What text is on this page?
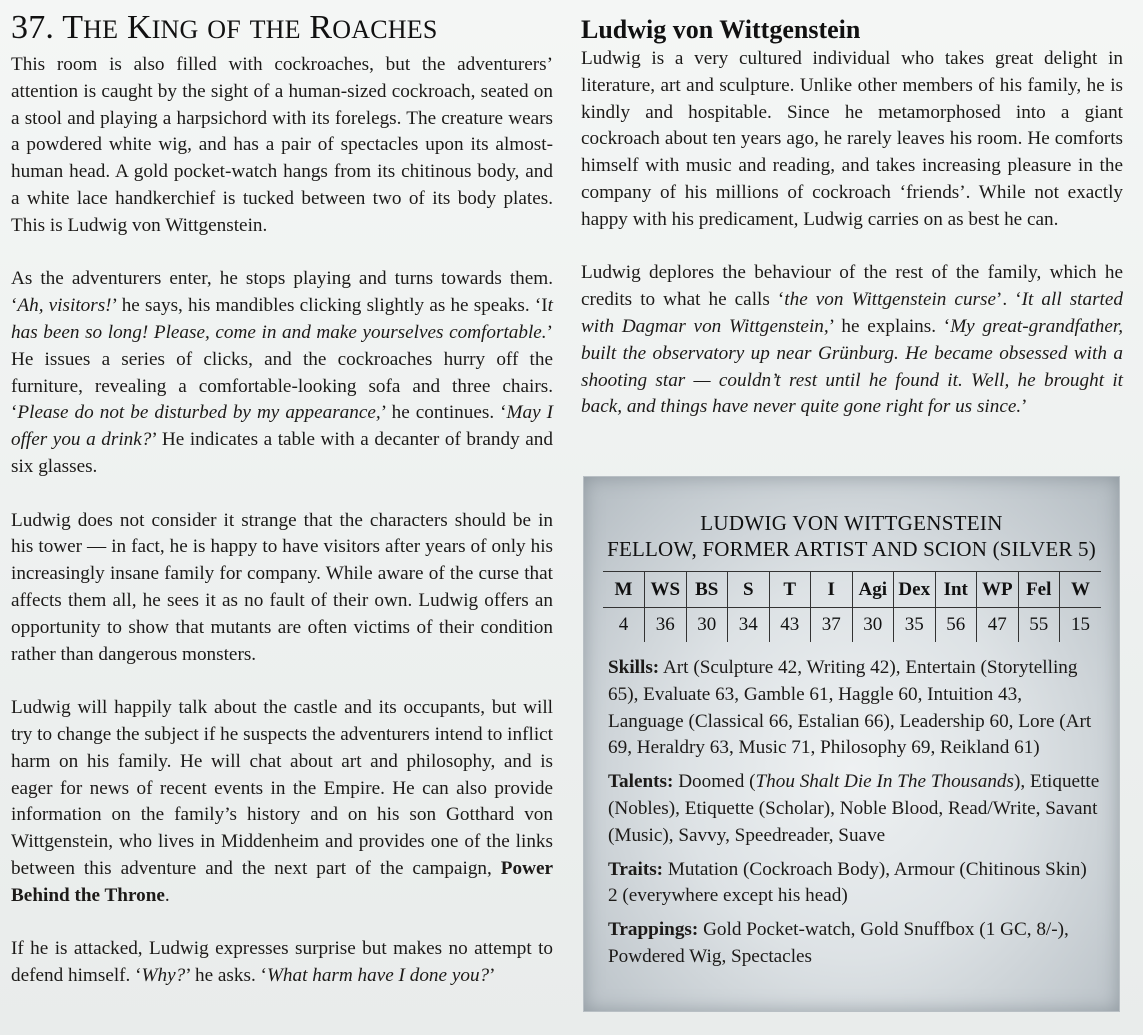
37. THE KING OF THE ROACHES

This room is also filled with cockroaches, but the adventurers’ attention is caught by the sight of a human-sized cockroach, seated on a stool and playing a harpsichord with its forelegs. The creature wears a powdered white wig, and has a pair of spectacles upon its almost-human head. A gold pocket-watch hangs from its chitinous body, and a white lace handkerchief is tucked between two of its body plates. This is Ludwig von Wittgenstein.

As the adventurers enter, he stops playing and turns towards them. ‘Ah, visitors!’ he says, his mandibles clicking slightly as he speaks. ‘It has been so long! Please, come in and make yourselves comfortable.’ He issues a series of clicks, and the cockroaches hurry off the furniture, revealing a comfortable-looking sofa and three chairs. ‘Please do not be disturbed by my appearance,’ he continues. ‘May I offer you a drink?’ He indicates a table with a decanter of brandy and six glasses.

Ludwig does not consider it strange that the characters should be in his tower — in fact, he is happy to have visitors after years of only his increasingly insane family for company. While aware of the curse that affects them all, he sees it as no fault of their own. Ludwig offers an opportunity to show that mutants are often victims of their condition rather than dangerous monsters.

Ludwig will happily talk about the castle and its occupants, but will try to change the subject if he suspects the adventurers intend to inflict harm on his family. He will chat about art and philosophy, and is eager for news of recent events in the Empire. He can also provide information on the family’s history and on his son Gotthard von Wittgenstein, who lives in Middenheim and provides one of the links between this adventure and the next part of the campaign, Power Behind the Throne.

If he is attacked, Ludwig expresses surprise but makes no attempt to defend himself. ‘Why?’ he asks. ‘What harm have I done you?’

Ludwig von Wittgenstein

Ludwig is a very cultured individual who takes great delight in literature, art and sculpture. Unlike other members of his family, he is kindly and hospitable. Since he metamorphosed into a giant cockroach about ten years ago, he rarely leaves his room. He comforts himself with music and reading, and takes increasing pleasure in the company of his millions of cockroach ‘friends’. While not exactly happy with his predicament, Ludwig carries on as best he can.

Ludwig deplores the behaviour of the rest of the family, which he credits to what he calls ‘the von Wittgenstein curse’. ‘It all started with Dagmar von Wittgenstein,’ he explains. ‘My great-grandfather, built the observatory up near Grünburg. He became obsessed with a shooting star — couldn’t rest until he found it. Well, he brought it back, and things have never quite gone right for us since.’

LUDWIG VON WITTGENSTEIN
FELLOW, FORMER ARTIST AND SCION (SILVER 5)
M	WS	BS	S	T	I	Agi	Dex	Int	WP	Fel	W
4	36	30	34	43	37	30	35	56	47	55	15

Skills: Art (Sculpture 42, Writing 42), Entertain (Storytelling 65), Evaluate 63, Gamble 61, Haggle 60, Intuition 43, Language (Classical 66, Estalian 66), Leadership 60, Lore (Art 69, Heraldry 63, Music 71, Philosophy 69, Reikland 61)

Talents: Doomed (Thou Shalt Die In The Thousands), Etiquette (Nobles), Etiquette (Scholar), Noble Blood, Read/Write, Savant (Music), Savvy, Speedreader, Suave

Traits: Mutation (Cockroach Body), Armour (Chitinous Skin) 2 (everywhere except his head)

Trappings: Gold Pocket-watch, Gold Snuffbox (1 GC, 8/-), Powdered Wig, Spectacles
